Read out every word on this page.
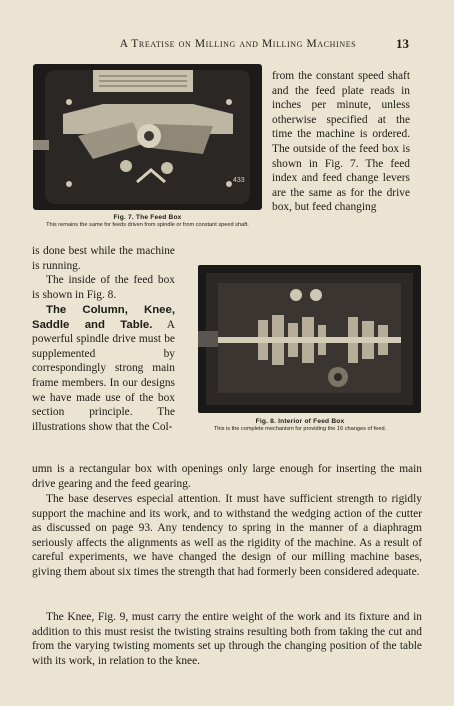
A Treatise on Milling and Milling Machines	13
433
Fig. 7. The Feed Box
This remains the same for feeds driven from spindle or from constant speed shaft.

from the constant speed shaft and the feed plate reads in inches per minute, unless otherwise specified at the time the machine is ordered. The outside of the feed box is shown in Fig. 7. The feed index and feed change levers are the same as for the drive box, but feed changing

is done best while the machine is running.

The inside of the feed box is shown in Fig. 8.

The Column, Knee, Saddle and Table. A powerful spindle drive must be supplemented by correspondingly strong main frame members. In our designs we have made use of the box section principle. The illustrations show that the Col-	Fig. 8. Interior of Feed Box
This is the complete mechanism for providing the 16 changes of feed.

umn is a rectangular box with openings only large enough for inserting the main drive gearing and the feed gearing.

The base deserves especial attention. It must have sufficient strength to rigidly support the machine and its work, and to withstand the wedging action of the cutter as discussed on page 93. Any tendency to spring in the manner of a diaphragm seriously affects the alignments as well as the rigidity of the machine. As a result of careful experiments, we have changed the design of our milling machine bases, giving them about six times the strength that had formerly been considered adequate.

The Knee, Fig. 9, must carry the entire weight of the work and its fixture and in addition to this must resist the twisting strains resulting both from taking the cut and from the varying twisting moments set up through the changing position of the table with its work, in relation to the knee.
